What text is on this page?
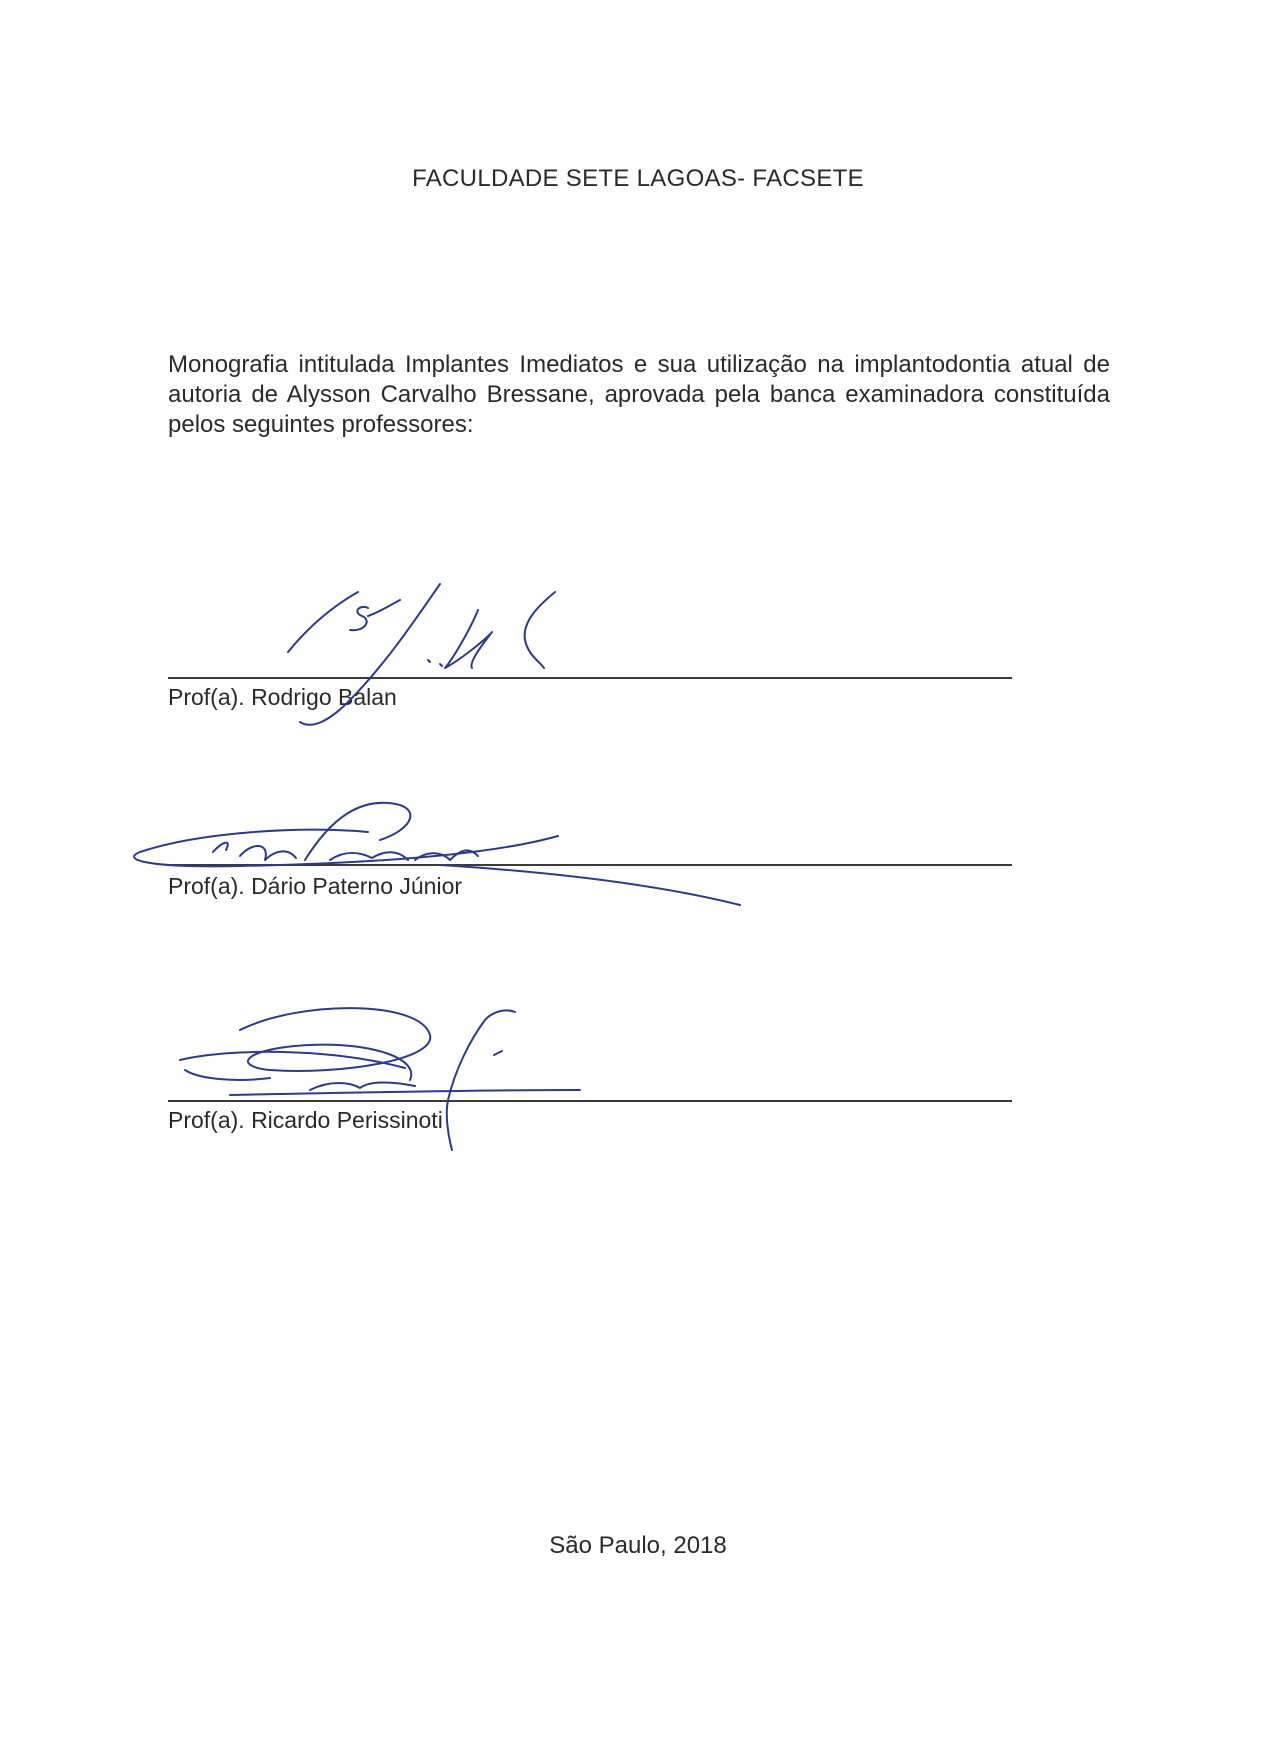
FACULDADE SETE LAGOAS- FACSETE
Monografia intitulada Implantes Imediatos e sua utilização na implantodontia atual de autoria de Alysson Carvalho Bressane, aprovada pela banca examinadora constituída pelos seguintes professores:
Prof(a). Rodrigo Balan
Prof(a). Dário Paterno Júnior
Prof(a). Ricardo Perissinoti
São Paulo, 2018
